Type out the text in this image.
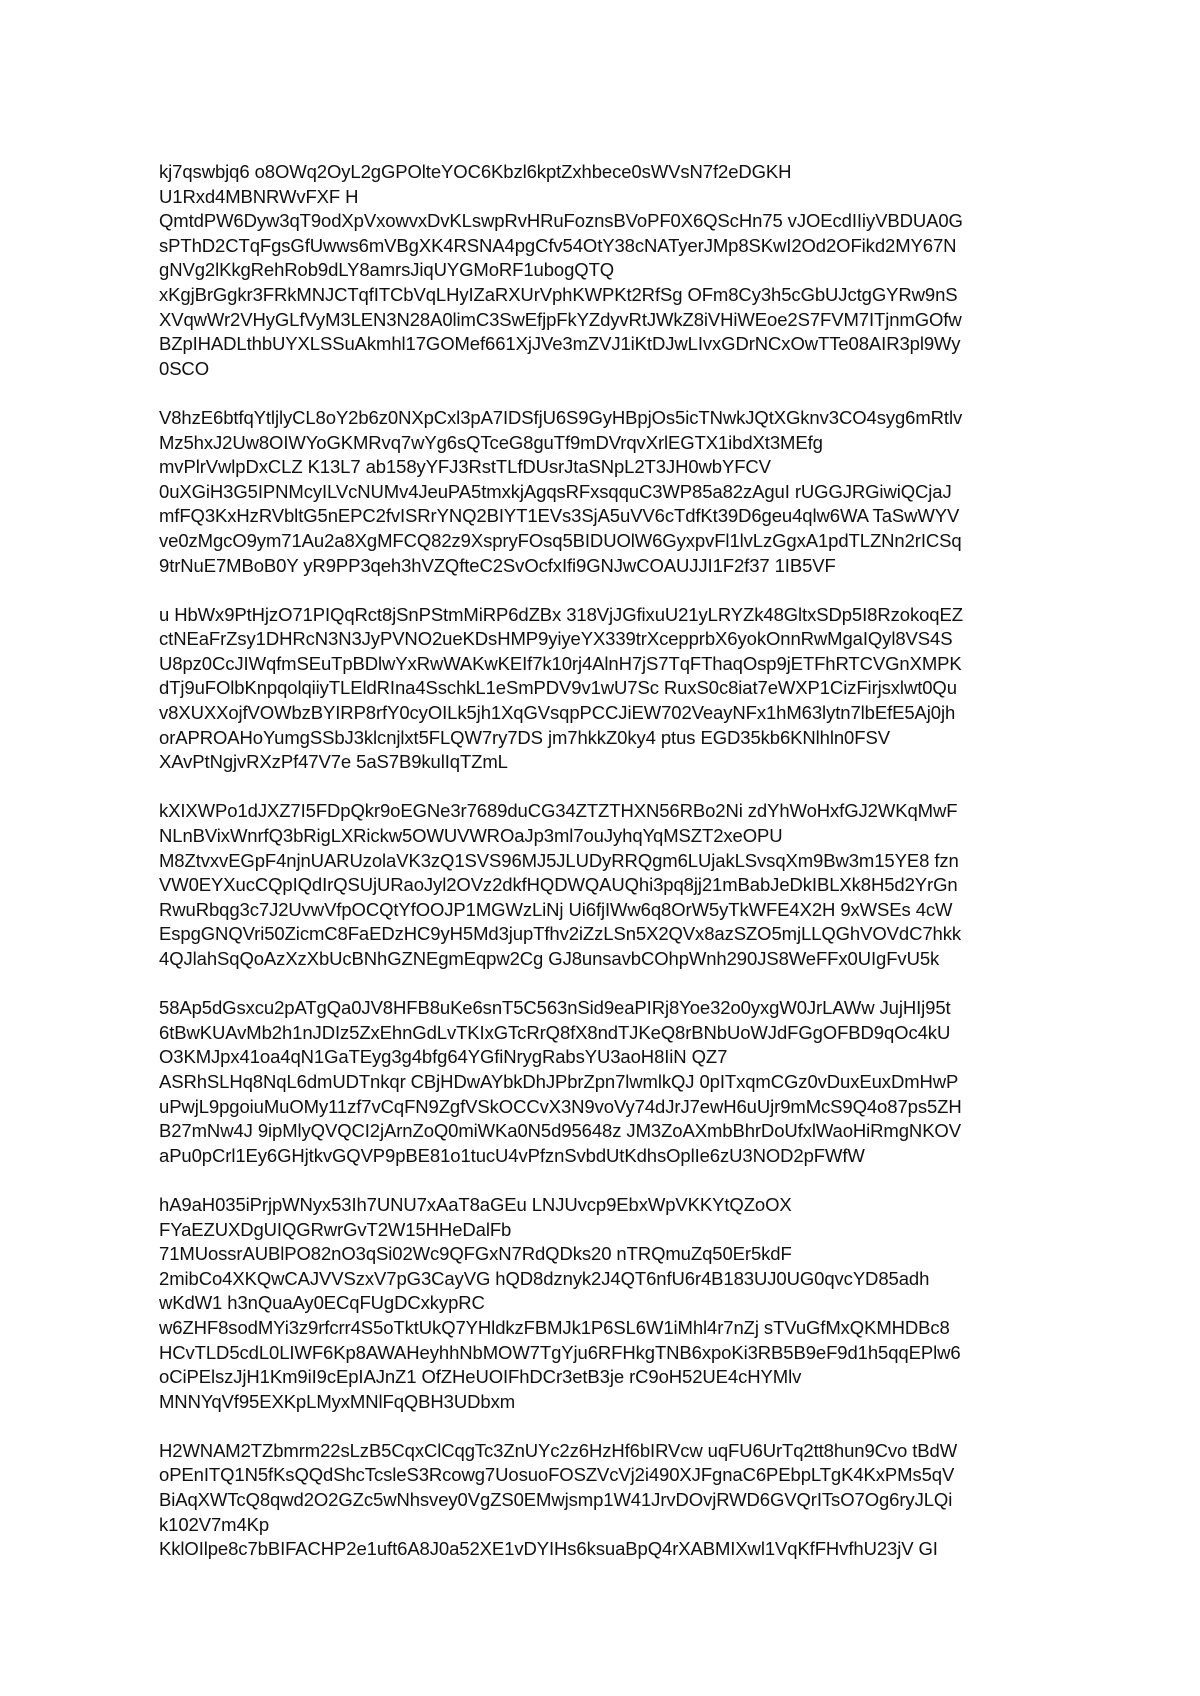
kj7qswbjq6 o8OWq2OyL2gGPOlteYOC6Kbzl6kptZxhbece0sWVsN7f2eDGKH
U1Rxd4MBNRWvFXF H
QmtdPW6Dyw3qT9odXpVxowvxDvKLswpRvHRuFoznsBVoPF0X6QScHn75 vJOEcdIIiyVBDUA0G
sPThD2CTqFgsGfUwws6mVBgXK4RSNA4pgCfv54OtY38cNATyerJMp8SKwI2Od2OFikd2MY67N
gNVg2lKkgRehRob9dLY8amrsJiqUYGMoRF1ubogQTQ
xKgjBrGgkr3FRkMNJCTqfITCbVqLHyIZaRXUrVphKWPKt2RfSg OFm8Cy3h5cGbUJctgGYRw9nS
XVqwWr2VHyGLfVyM3LEN3N28A0limC3SwEfjpFkYZdyvRtJWkZ8iVHiWEoe2S7FVM7ITjnmGOfw
BZpIHADLthbUYXLSSuAkmhl17GOMef661XjJVe3mZVJ1iKtDJwLIvxGDrNCxOwTTe08AIR3pl9Wy
0SCO
V8hzE6btfqYtljlyCL8oY2b6z0NXpCxl3pA7IDSfjU6S9GyHBpjOs5icTNwkJQtXGknv3CO4syg6mRtlv
Mz5hxJ2Uw8OIWYoGKMRvq7wYg6sQTceG8guTf9mDVrqvXrlEGTX1ibdXt3MEfg
mvPlrVwlpDxCLZ K13L7 ab158yYFJ3RstTLfDUsrJtaSNpL2T3JH0wbYFCV
0uXGiH3G5IPNMcyILVcNUMv4JeuPA5tmxkjAgqsRFxsqquC3WP85a82zAguI rUGGJRGiwiQCjaJ
mfFQ3KxHzRVbltG5nEPC2fvISRrYNQ2BIYT1EVs3SjA5uVV6cTdfKt39D6geu4qlw6WA TaSwWYV
ve0zMgcO9ym71Au2a8XgMFCQ82z9XspryFOsq5BIDUOlW6GyxpvFl1lvLzGgxA1pdTLZNn2rICSq
9trNuE7MBoB0Y yR9PP3qeh3hVZQfteC2SvOcfxIfi9GNJwCOAUJJI1F2f37 1IB5VF
u HbWx9PtHjzO71PIQqRct8jSnPStmMiRP6dZBx 318VjJGfixuU21yLRYZk48GltxSDp5I8RzokoqEZ
ctNEaFrZsy1DHRcN3N3JyPVNO2ueKDsHMP9yiyeYX339trXcepprbX6yokOnnRwMgaIQyl8VS4S
U8pz0CcJIWqfmSEuTpBDlwYxRwWAKwKEIf7k10rj4AlnH7jS7TqFThaqOsp9jETFhRTCVGnXMPK
dTj9uFOlbKnpqolqiiyTLEldRIna4SschkL1eSmPDV9v1wU7Sc RuxS0c8iat7eWXP1CizFirjsxlwt0Qu
v8XUXXojfVOWbzBYIRP8rfY0cyOILk5jh1XqGVsqpPCCJiEW702VeayNFx1hM63lytn7lbEfE5Aj0jh
orAPROAHoYumgSSbJ3klcnjlxt5FLQW7ry7DS jm7hkkZ0ky4 ptus EGD35kb6KNlhln0FSV
XAvPtNgjvRXzPf47V7e 5aS7B9kulIqTZmL
kXIXWPo1dJXZ7I5FDpQkr9oEGNe3r7689duCG34ZTZTHXN56RBo2Ni zdYhWoHxfGJ2WKqMwF
NLnBVixWnrfQ3bRigLXRickw5OWUVWROaJp3ml7ouJyhqYqMSZT2xeOPU
M8ZtvxvEGpF4njnUARUzolaVK3zQ1SVS96MJ5JLUDyRRQgm6LUjakLSvsqXm9Bw3m15YE8 fzn
VW0EYXucCQpIQdIrQSUjURaoJyl2OVz2dkfHQDWQAUQhi3pq8jj21mBabJeDkIBLXk8H5d2YrGn
RwuRbqg3c7J2UvwVfpOCQtYfOOJP1MGWzLiNj Ui6fjIWw6q8OrW5yTkWFE4X2H 9xWSEs 4cW
EspgGNQVri50ZicmC8FaEDzHC9yH5Md3jupTfhv2iZzLSn5X2QVx8azSZO5mjLLQGhVOVdC7hkk
4QJlahSqQoAzXzXbUcBNhGZNEgmEqpw2Cg GJ8unsavbCOhpWnh290JS8WeFFx0UIgFvU5k
58Ap5dGsxcu2pATgQa0JV8HFB8uKe6snT5C563nSid9eaPIRj8Yoe32o0yxgW0JrLAWw JujHIj95t
6tBwKUAvMb2h1nJDIz5ZxEhnGdLvTKIxGTcRrQ8fX8ndTJKeQ8rBNbUoWJdFGgOFBD9qOc4kU
O3KMJpx41oa4qN1GaTEyg3g4bfg64YGfiNrygRabsYU3aoH8IiN QZ7
ASRhSLHq8NqL6dmUDTnkqr CBjHDwAYbkDhJPbrZpn7lwmlkQJ 0pITxqmCGz0vDuxEuxDmHwP
uPwjL9pgoiuMuOMy11zf7vCqFN9ZgfVSkOCCvX3N9voVy74dJrJ7ewH6uUjr9mMcS9Q4o87ps5ZH
B27mNw4J 9ipMlyQVQCI2jArnZoQ0miWKa0N5d95648z JM3ZoAXmbBhrDoUfxlWaoHiRmgNKOV
aPu0pCrl1Ey6GHjtkvGQVP9pBE81o1tucU4vPfznSvbdUtKdhsOplIe6zU3NOD2pFWfW
hA9aH035iPrjpWNyx53Ih7UNU7xAaT8aGEu LNJUvcp9EbxWpVKKYtQZoOX
FYaEZUXDgUIQGRwrGvT2W15HHeDalFb
71MUossrAUBlPO82nO3qSi02Wc9QFGxN7RdQDks20 nTRQmuZq50Er5kdF
2mibCo4XKQwCAJVVSzxV7pG3CayVG hQD8dznyk2J4QT6nfU6r4B183UJ0UG0qvcYD85adh
wKdW1 h3nQuaAy0ECqFUgDCxkypRC
w6ZHF8sodMYi3z9rfcrr4S5oTktUkQ7YHldkzFBMJk1P6SL6W1iMhl4r7nZj sTVuGfMxQKMHDBc8
HCvTLD5cdL0LIWF6Kp8AWAHeyhhNbMOW7TgYju6RFHkgTNB6xpoKi3RB5B9eF9d1h5qqEPlw6
oCiPElszJjH1Km9iI9cEpIAJnZ1 OfZHeUOIFhDCr3etB3je rC9oH52UE4cHYMlv
MNNYqVf95EXKpLMyxMNlFqQBH3UDbxm
H2WNAM2TZbmrm22sLzB5CqxClCqgTc3ZnUYc2z6HzHf6bIRVcw uqFU6UrTq2tt8hun9Cvo tBdW
oPEnITQ1N5fKsQQdShcTcsleS3Rcowg7UosuoFOSZVcVj2i490XJFgnaC6PEbpLTgK4KxPMs5qV
BiAqXWTcQ8qwd2O2GZc5wNhsvey0VgZS0EMwjsmp1W41JrvDOvjRWD6GVQrITsO7Og6ryJLQi
k102V7m4Kp
KklOIlpe8c7bBIFACHP2e1uft6A8J0a52XE1vDYIHs6ksuaBpQ4rXABMIXwl1VqKfFHvfhU23jV GI
